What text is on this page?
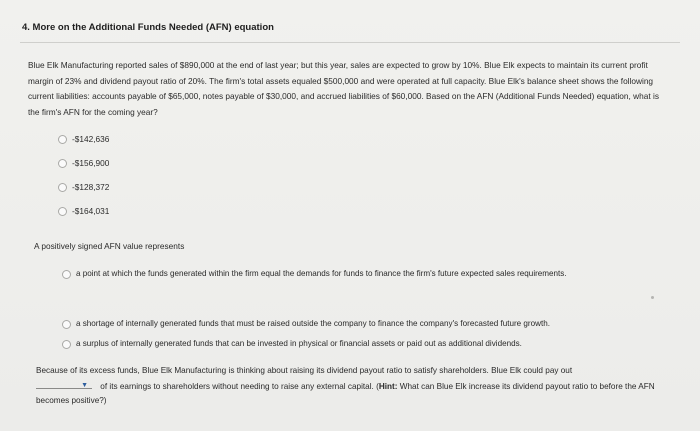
4. More on the Additional Funds Needed (AFN) equation
Blue Elk Manufacturing reported sales of $890,000 at the end of last year; but this year, sales are expected to grow by 10%. Blue Elk expects to maintain its current profit margin of 23% and dividend payout ratio of 20%. The firm's total assets equaled $500,000 and were operated at full capacity. Blue Elk's balance sheet shows the following current liabilities: accounts payable of $65,000, notes payable of $30,000, and accrued liabilities of $60,000. Based on the AFN (Additional Funds Needed) equation, what is the firm's AFN for the coming year?
-$142,636
-$156,900
-$128,372
-$164,031
A positively signed AFN value represents
a point at which the funds generated within the firm equal the demands for funds to finance the firm's future expected sales requirements.
a shortage of internally generated funds that must be raised outside the company to finance the company's forecasted future growth.
a surplus of internally generated funds that can be invested in physical or financial assets or paid out as additional dividends.
Because of its excess funds, Blue Elk Manufacturing is thinking about raising its dividend payout ratio to satisfy shareholders. Blue Elk could pay out

▼ of its earnings to shareholders without needing to raise any external capital. (Hint: What can Blue Elk increase its dividend payout ratio to before the AFN becomes positive?)
